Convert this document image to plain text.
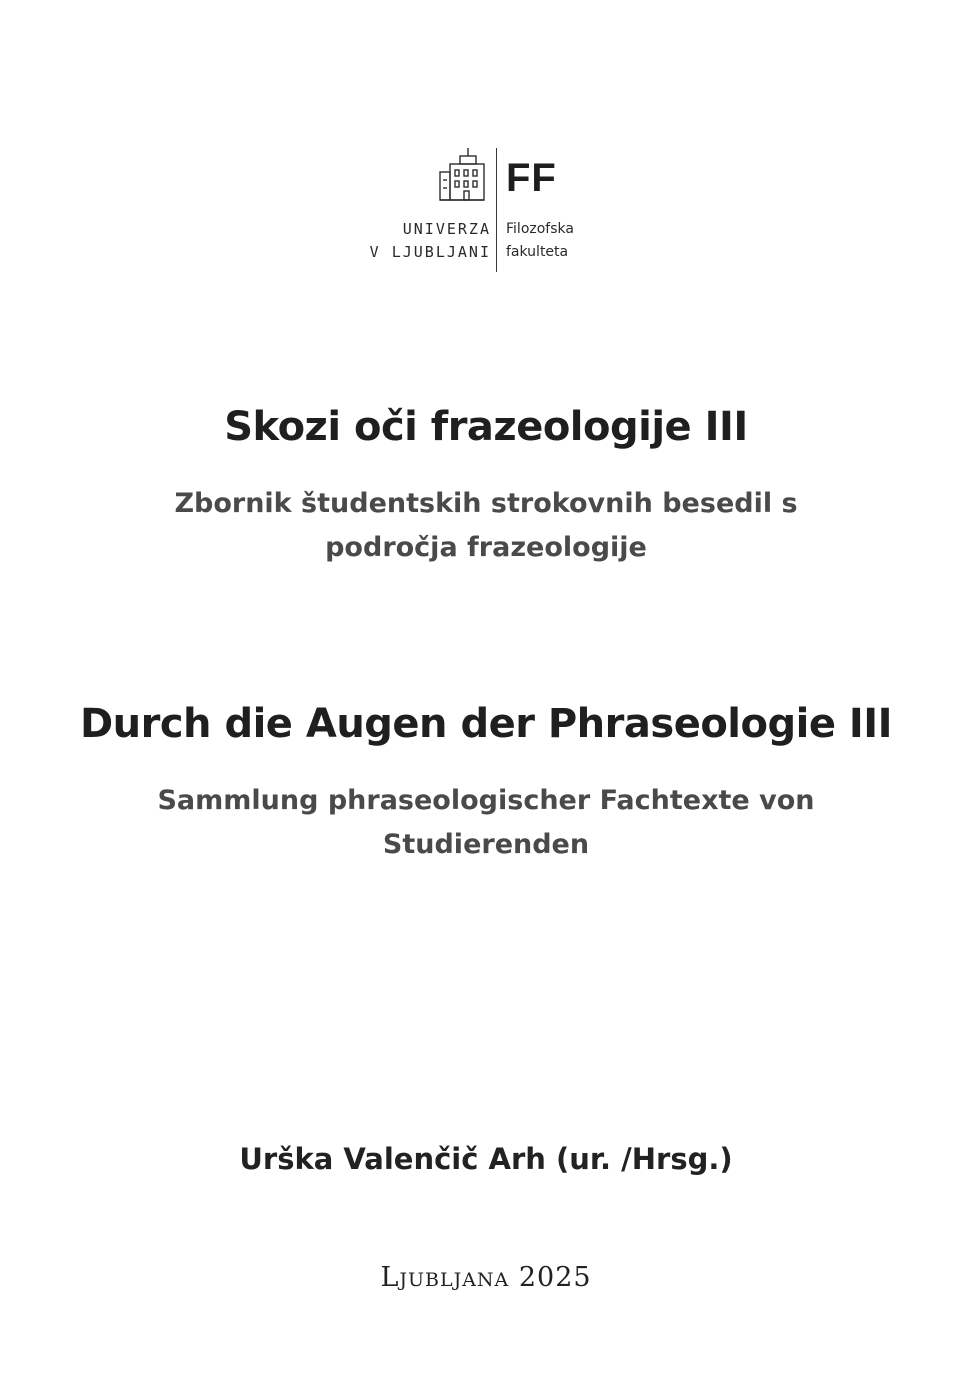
FF
UNIVERZA
V LJUBLJANI
Filozofska
fakulteta
Skozi oči frazeologije III
Zbornik študentskih strokovnih besedil s področja frazeologije
Durch die Augen der Phraseologie III
Sammlung phraseologischer Fachtexte von Studierenden
Urška Valenčič Arh (ur. /Hrsg.)
Ljubljana 2025
